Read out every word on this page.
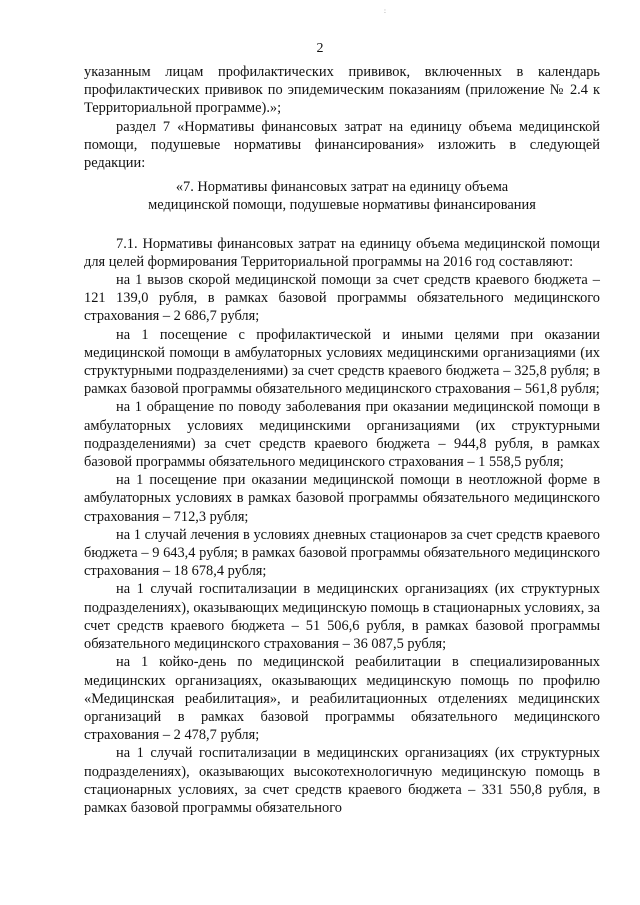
:
2

указанным лицам профилактических прививок, включенных в календарь профилактических прививок по эпидемическим показаниям (приложение № 2.4 к Территориальной программе).»;

раздел 7 «Нормативы финансовых затрат на единицу объема медицинской помощи, подушевые нормативы финансирования» изложить в следующей редакции:

«7. Нормативы финансовых затрат на единицу объема
медицинской помощи, подушевые нормативы финансирования

7.1. Нормативы финансовых затрат на единицу объема медицинской помощи для целей формирования Территориальной программы на 2016 год составляют:

на 1 вызов скорой медицинской помощи за счет средств краевого бюджета – 121 139,0 рубля, в рамках базовой программы обязательного медицинского страхования – 2 686,7 рубля;

на 1 посещение с профилактической и иными целями при оказании медицинской помощи в амбулаторных условиях медицинскими организациями (их структурными подразделениями) за счет средств краевого бюджета – 325,8 рубля; в рамках базовой программы обязательного медицинского страхования – 561,8 рубля;

на 1 обращение по поводу заболевания при оказании медицинской помощи в амбулаторных условиях медицинскими организациями (их структурными подразделениями) за счет средств краевого бюджета – 944,8 рубля, в рамках базовой программы обязательного медицинского страхования – 1 558,5 рубля;

на 1 посещение при оказании медицинской помощи в неотложной форме в амбулаторных условиях в рамках базовой программы обязательного медицинского страхования – 712,3 рубля;

на 1 случай лечения в условиях дневных стационаров за счет средств краевого бюджета – 9 643,4 рубля; в рамках базовой программы обязательного медицинского страхования – 18 678,4 рубля;

на 1 случай госпитализации в медицинских организациях (их структурных подразделениях), оказывающих медицинскую помощь в стационарных условиях, за счет средств краевого бюджета – 51 506,6 рубля, в рамках базовой программы обязательного медицинского страхования – 36 087,5 рубля;

на 1 койко-день по медицинской реабилитации в специализированных медицинских организациях, оказывающих медицинскую помощь по профилю «Медицинская реабилитация», и реабилитационных отделениях медицинских организаций в рамках базовой программы обязательного медицинского страхования – 2 478,7 рубля;

на 1 случай госпитализации в медицинских организациях (их структурных подразделениях), оказывающих высокотехнологичную медицинскую помощь в стационарных условиях, за счет средств краевого бюджета – 331 550,8 рубля, в рамках базовой программы обязательного
